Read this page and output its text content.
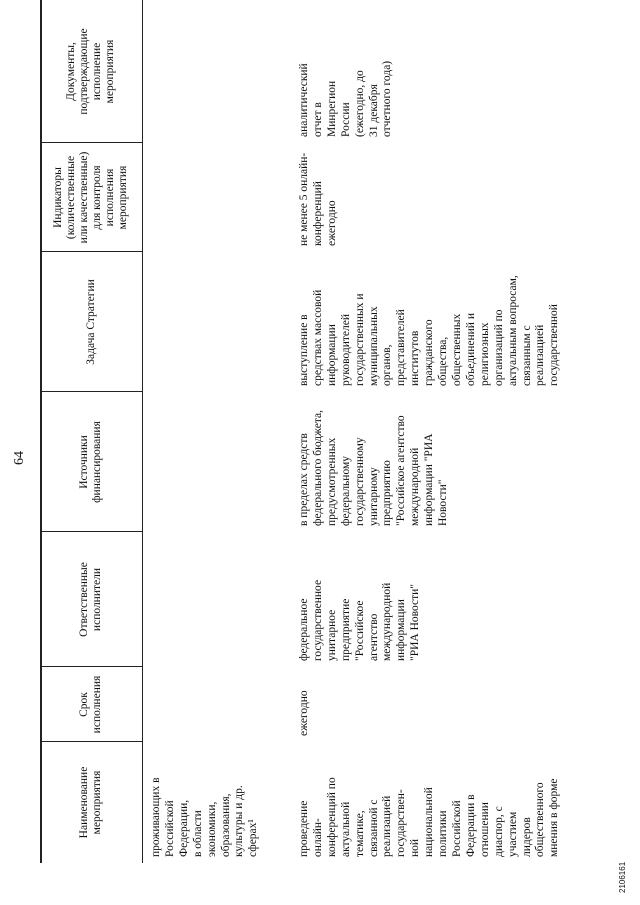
64
Наименование
мероприятия
Срок
исполнения
Ответственные
исполнители
Источники
финансирования
Задача Стратегии
Индикаторы
(количественные
или качественные)
для контроля
исполнения
мероприятия
Документы,
подтверждающие
исполнение
мероприятия
проживающих в
Российской
Федерации,
в области
экономики,
образования,
культуры и др.
сферах¹	проведение
онлайн-
конференций по
актуальной
тематике,
связанной с
реализацией
государствен-
ной
национальной
политики
Российской
Федерации в
отношении
диаспор, с
участием
лидеров
общественного
мнения в форме
ежегодно
федеральное
государственное
унитарное
предприятие
"Российское
агентство
международной
информации
"РИА Новости"
в пределах средств
федерального бюджета,
предусмотренных
федеральному
государственному
унитарному
предприятию
"Российское агентство
международной
информации "РИА
Новости"
выступление в
средствах массовой
информации
руководителей
государственных и
муниципальных
органов,
представителей
институтов
гражданского
общества,
общественных
объединений и
религиозных
организаций по
актуальным вопросам,
связанным с
реализацией
государственной
не менее 5 онлайн-
конференций
ежегодно
аналитический
отчет в
Минрегион
России
(ежегодно, до
31 декабря
отчетного года)
2106161
